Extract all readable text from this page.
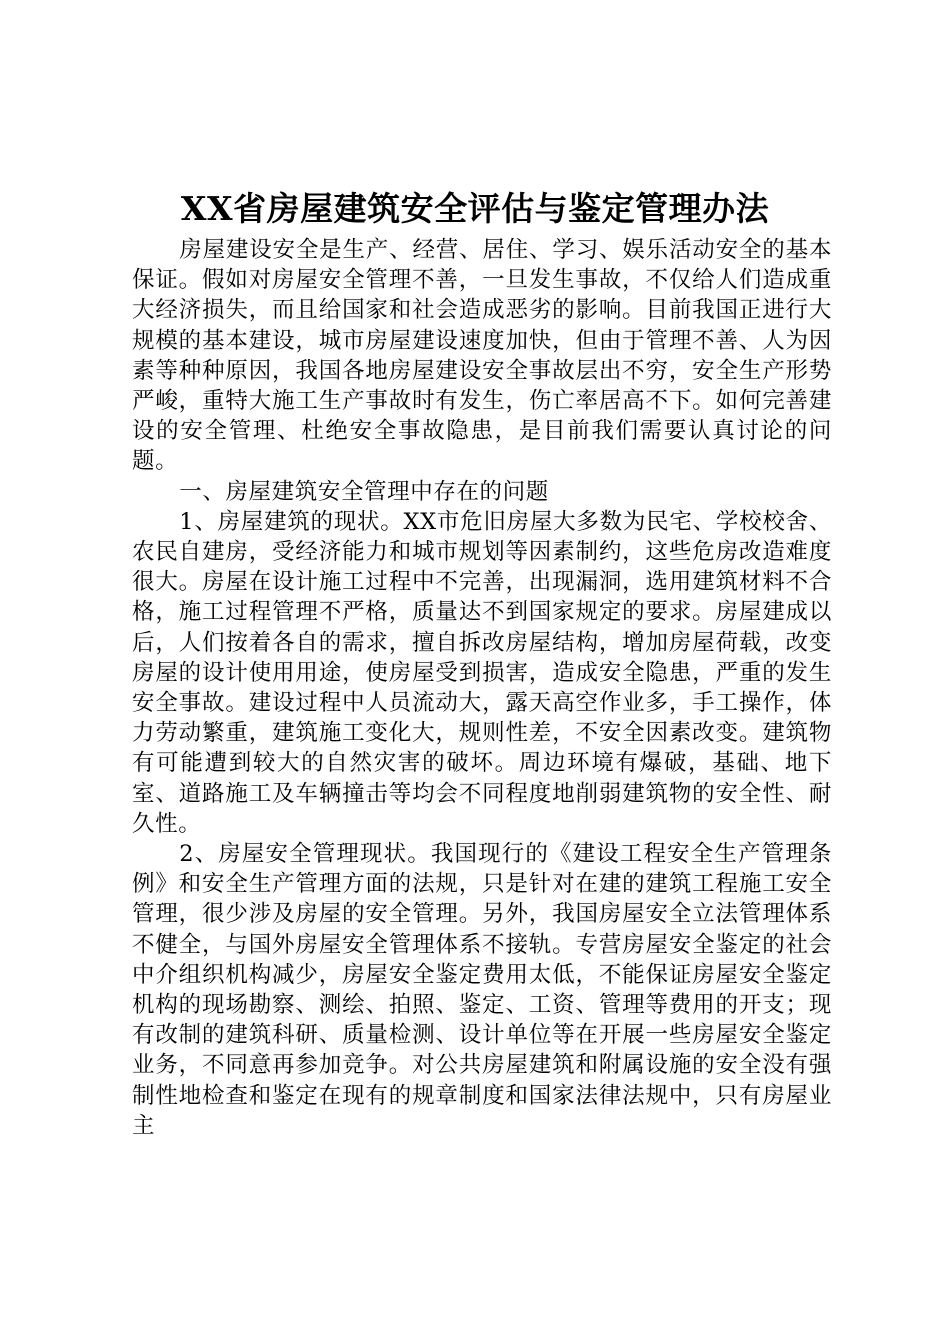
XX省房屋建筑安全评估与鉴定管理办法

房屋建设安全是生产、经营、居住、学习、娱乐活动安全的基本保证。假如对房屋安全管理不善，一旦发生事故，不仅给人们造成重大经济损失，而且给国家和社会造成恶劣的影响。目前我国正进行大规模的基本建设，城市房屋建设速度加快，但由于管理不善、人为因素等种种原因，我国各地房屋建设安全事故层出不穷，安全生产形势严峻，重特大施工生产事故时有发生，伤亡率居高不下。如何完善建设的安全管理、杜绝安全事故隐患，是目前我们需要认真讨论的问题。

一、房屋建筑安全管理中存在的问题

1、房屋建筑的现状。XX市危旧房屋大多数为民宅、学校校舍、农民自建房，受经济能力和城市规划等因素制约，这些危房改造难度很大。房屋在设计施工过程中不完善，出现漏洞，选用建筑材料不合格，施工过程管理不严格，质量达不到国家规定的要求。房屋建成以后，人们按着各自的需求，擅自拆改房屋结构，增加房屋荷载，改变房屋的设计使用用途，使房屋受到损害，造成安全隐患，严重的发生安全事故。建设过程中人员流动大，露天高空作业多，手工操作，体力劳动繁重，建筑施工变化大，规则性差，不安全因素改变。建筑物有可能遭到较大的自然灾害的破坏。周边环境有爆破，基础、地下室、道路施工及车辆撞击等均会不同程度地削弱建筑物的安全性、耐久性。

2、房屋安全管理现状。我国现行的《建设工程安全生产管理条例》和安全生产管理方面的法规，只是针对在建的建筑工程施工安全管理，很少涉及房屋的安全管理。另外，我国房屋安全立法管理体系不健全，与国外房屋安全管理体系不接轨。专营房屋安全鉴定的社会中介组织机构减少，房屋安全鉴定费用太低，不能保证房屋安全鉴定机构的现场勘察、测绘、拍照、鉴定、工资、管理等费用的开支；现有改制的建筑科研、质量检测、设计单位等在开展一些房屋安全鉴定业务，不同意再参加竞争。对公共房屋建筑和附属设施的安全没有强制性地检查和鉴定在现有的规章制度和国家法律法规中，只有房屋业主
